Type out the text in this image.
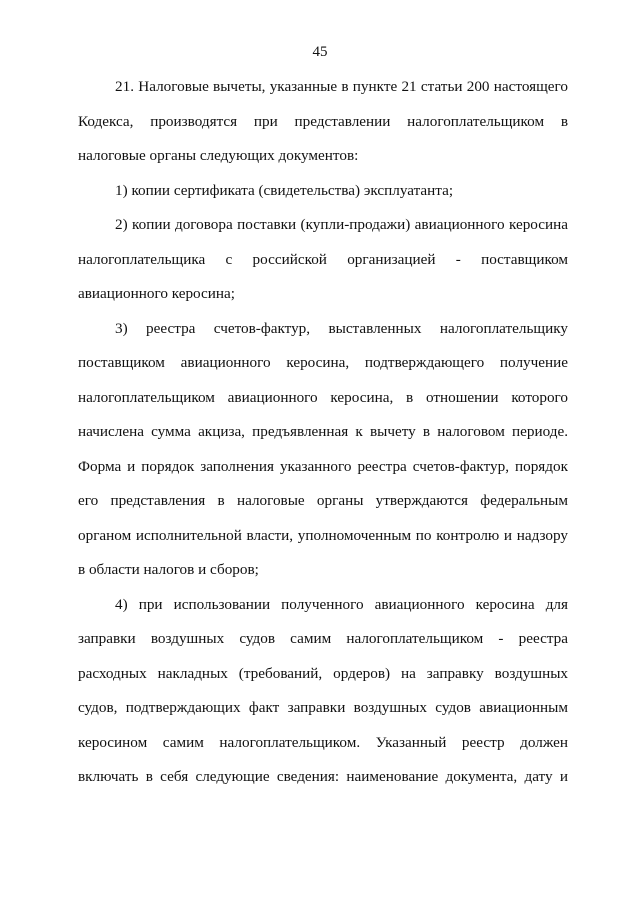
45
21. Налоговые вычеты, указанные в пункте 21 статьи 200 настоящего
Кодекса, производятся при представлении налогоплательщиком в
налоговые органы следующих документов:
1) копии сертификата (свидетельства) эксплуатанта;
2) копии договора поставки (купли-продажи) авиационного керосина
налогоплательщика с российской организацией - поставщиком
авиационного керосина;
3) реестра счетов-фактур, выставленных налогоплательщику
поставщиком авиационного керосина, подтверждающего получение
налогоплательщиком авиационного керосина, в отношении которого
начислена сумма акциза, предъявленная к вычету в налоговом периоде.
Форма и порядок заполнения указанного реестра счетов-фактур, порядок
его представления в налоговые органы утверждаются федеральным
органом исполнительной власти, уполномоченным по контролю и надзору
в области налогов и сборов;
4) при использовании полученного авиационного керосина для
заправки воздушных судов самим налогоплательщиком - реестра
расходных накладных (требований, ордеров) на заправку воздушных
судов, подтверждающих факт заправки воздушных судов авиационным
керосином самим налогоплательщиком. Указанный реестр должен
включать в себя следующие сведения: наименование документа, дату и
